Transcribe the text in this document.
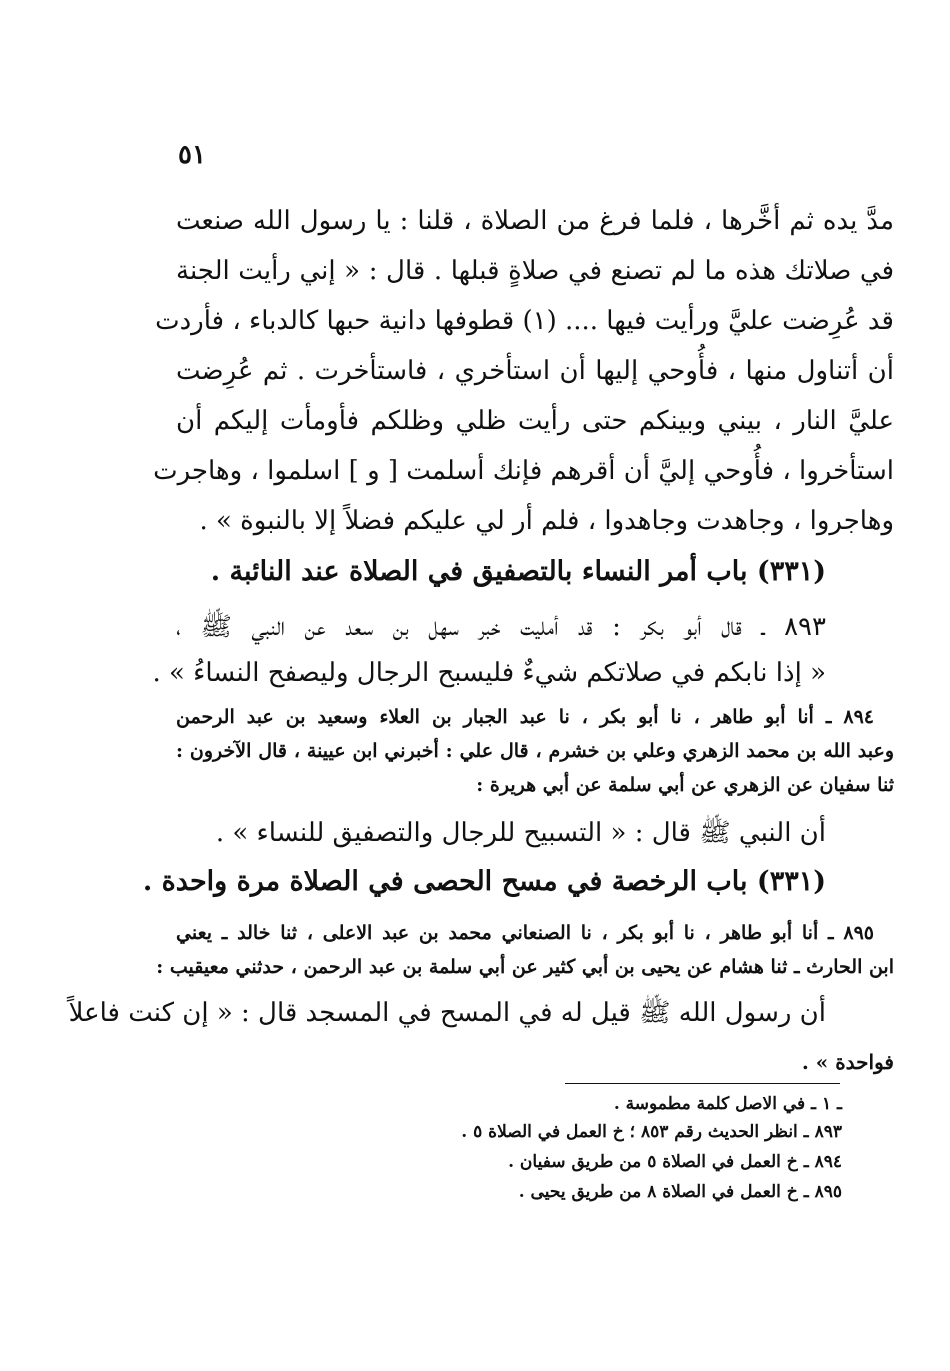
٥١
مدَّ يده ثم أخَّرها ، فلما فرغ من الصلاة ، قلنا : يا رسول الله صنعت
في صلاتك هذه ما لم تصنع في صلاةٍ قبلها . قال : « إني رأيت الجنة
قد عُرِضت عليَّ ورأيت فيها .... (١) قطوفها دانية حبها كالدباء ، فأردت
أن أتناول منها ، فأُوحي إليها أن استأخري ، فاستأخرت . ثم عُرِضت
عليَّ النار ، بيني وبينكم حتى رأيت ظلي وظلكم فأومأت إليكم أن
استأخروا ، فأُوحي إليَّ أن أقرهم فإنك أسلمت [ و ] اسلموا ، وهاجرت
وهاجروا ، وجاهدت وجاهدوا ، فلم أر لي عليكم فضلاً إلا بالنبوة » .
(٣٣١) باب أمر النساء بالتصفيق في الصلاة عند النائبة .
٨٩٣ ـ قال أبو بكر : قد أمليت خبر سهل بن سعد عن النبي ﷺ ،
« إذا نابكم في صلاتكم شيءٌ فليسبح الرجال وليصفح النساءُ » .
٨٩٤ ـ أنا أبو طاهر ، نا أبو بكر ، نا عبد الجبار بن العلاء وسعيد بن عبد الرحمن
وعبد الله بن محمد الزهري وعلي بن خشرم ، قال علي : أخبرني ابن عيينة ، قال الآخرون :
ثنا سفيان عن الزهري عن أبي سلمة عن أبي هريرة :
أن النبي ﷺ قال : « التسبيح للرجال والتصفيق للنساء » .
(٣٣١) باب الرخصة في مسح الحصى في الصلاة مرة واحدة .
٨٩٥ ـ أنا أبو طاهر ، نا أبو بكر ، نا الصنعاني محمد بن عبد الاعلى ، ثنا خالد ـ يعني
ابن الحارث ـ ثنا هشام عن يحيى بن أبي كثير عن أبي سلمة بن عبد الرحمن ، حدثني معيقيب :
أن رسول الله ﷺ قيل له في المسح في المسجد قال : « إن كنت فاعلاً
فواحدة » .
ـ ١ ـ في الاصل كلمة مطموسة .
٨٩٣ ـ انظر الحديث رقم ٨٥٣ ؛ خ العمل في الصلاة ٥ .
٨٩٤ ـ خ العمل في الصلاة ٥ من طريق سفيان .
٨٩٥ ـ خ العمل في الصلاة ٨ من طريق يحيى .
